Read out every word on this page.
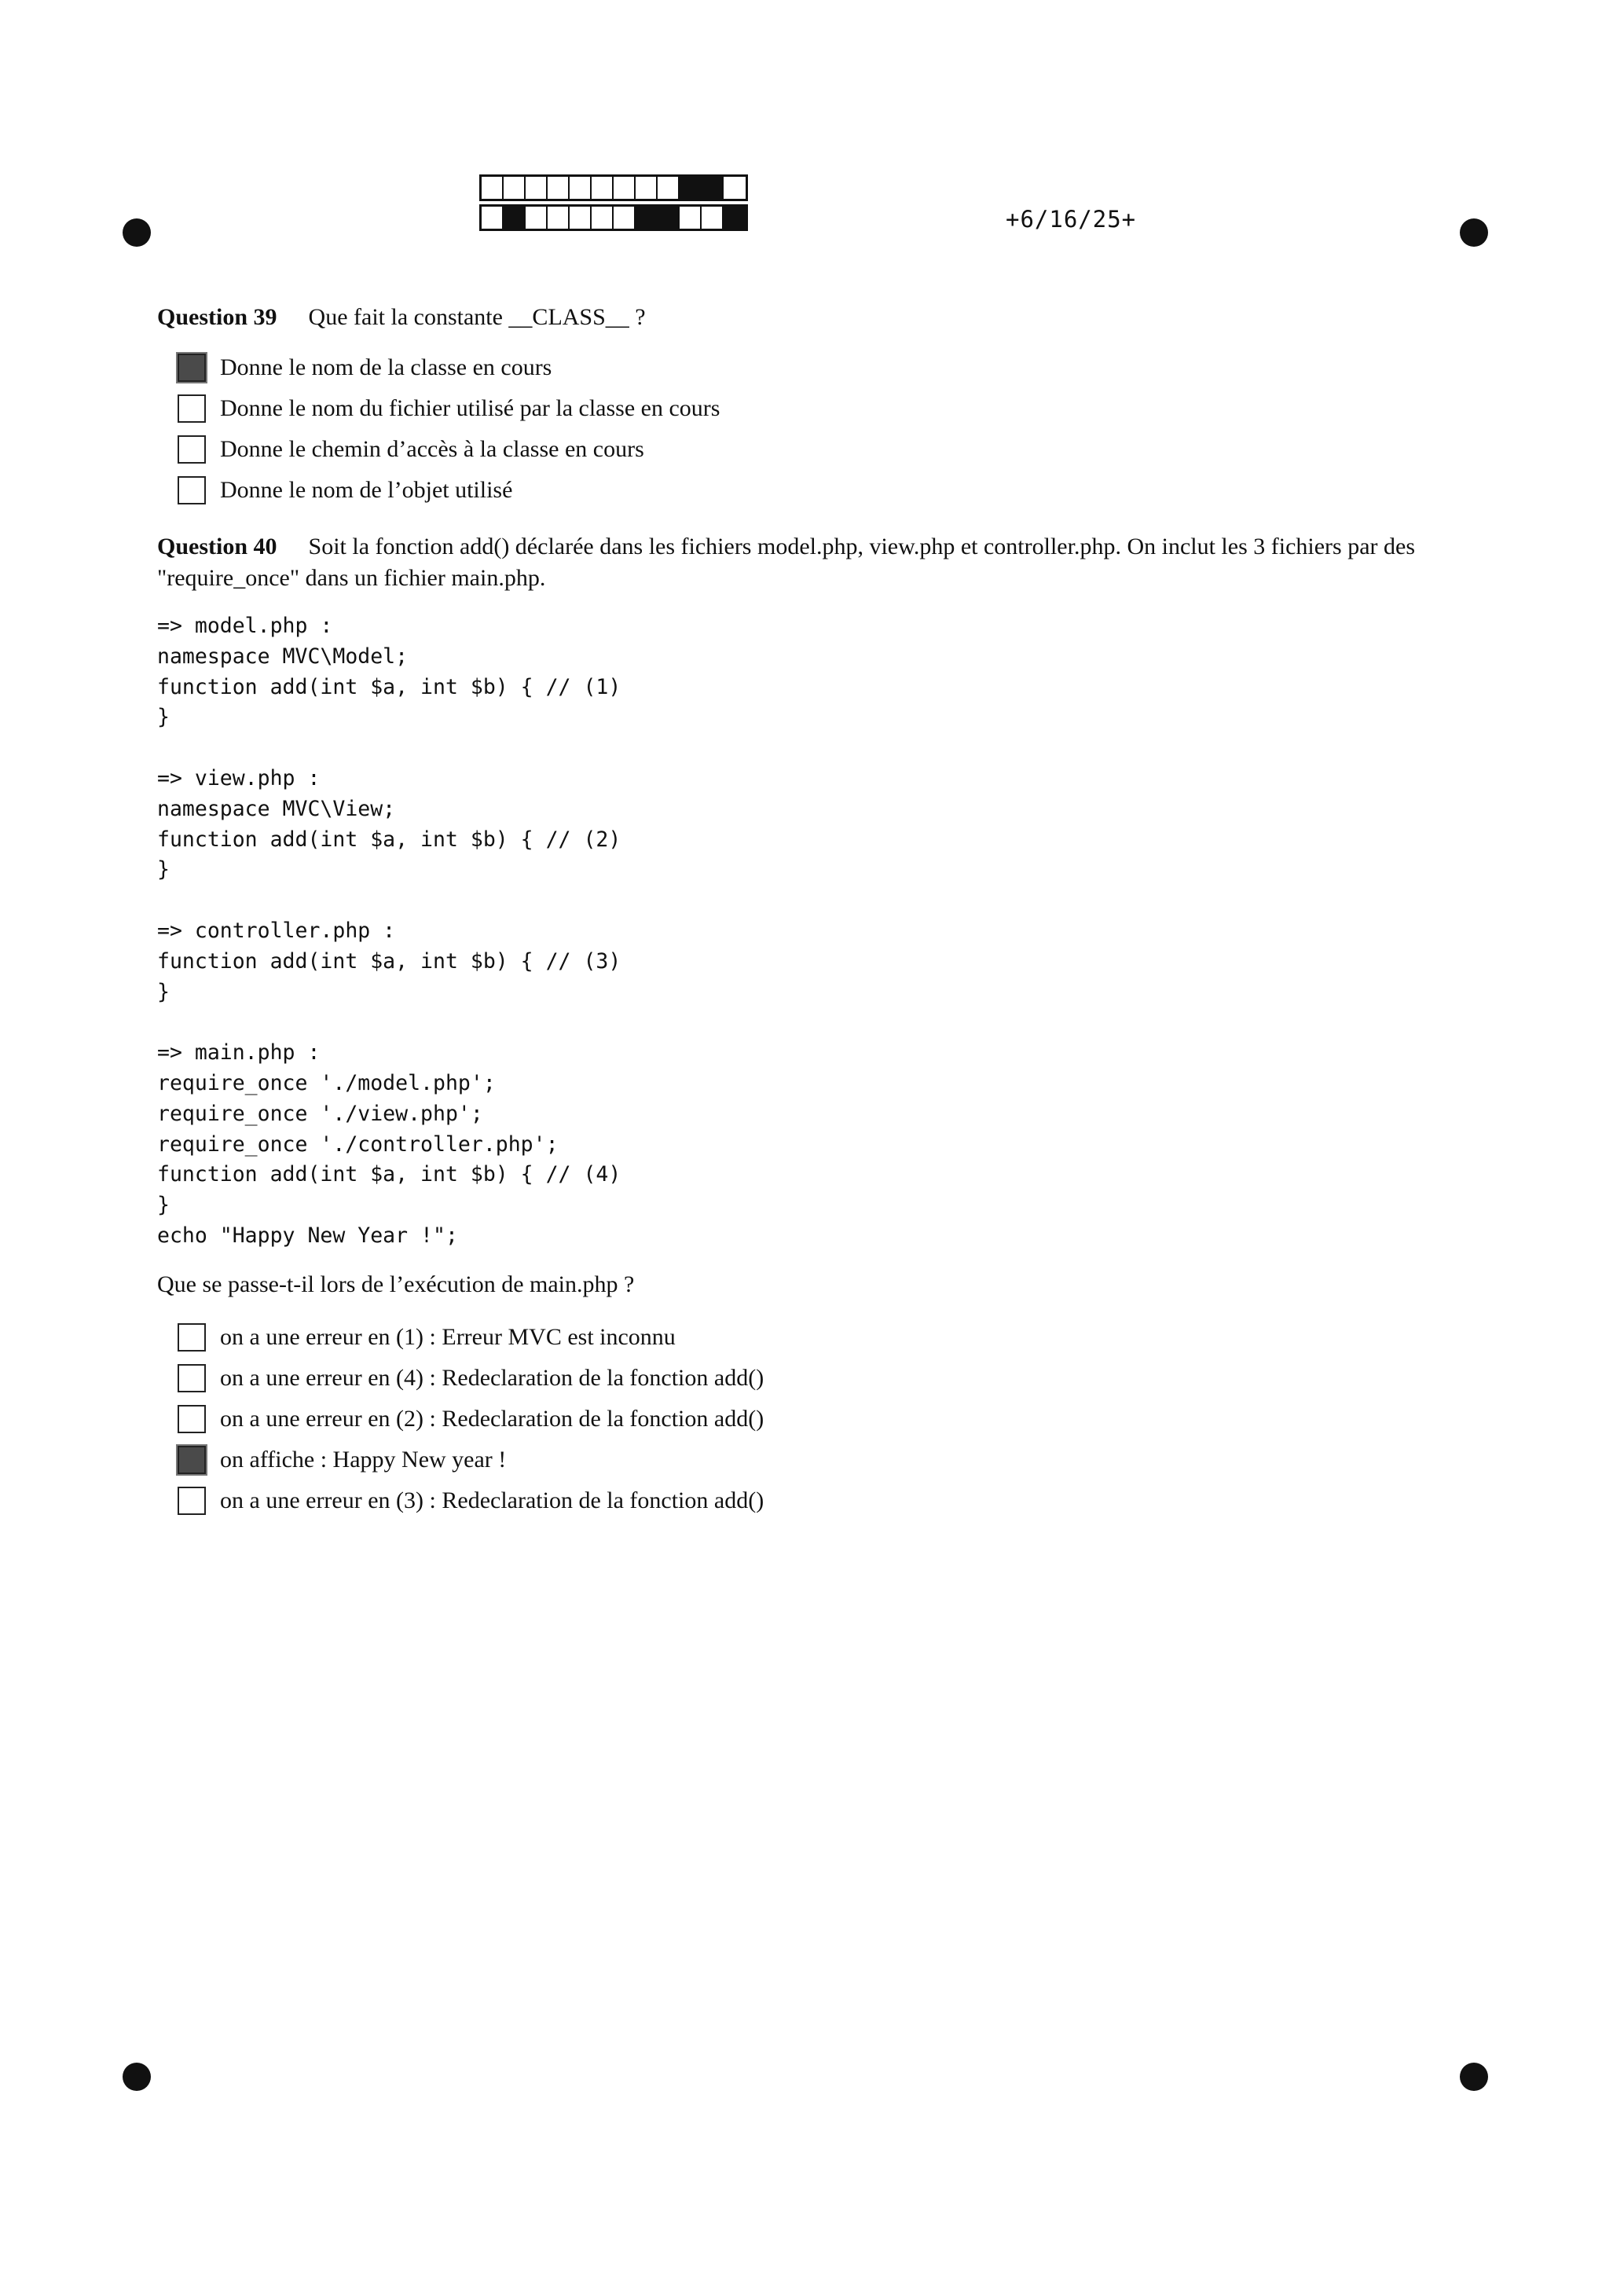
+6/16/25+
Question 39 Que fait la constante __CLASS__ ?
Donne le nom de la classe en cours
Donne le nom du fichier utilisé par la classe en cours
Donne le chemin d’accès à la classe en cours
Donne le nom de l’objet utilisé
Question 40 Soit la fonction add() déclarée dans les fichiers model.php, view.php et controller.php. On inclut les 3 fichiers par des "require_once" dans un fichier main.php.
=> model.php :
namespace MVC\Model;
function add(int $a, int $b) { // (1)
}
=> view.php :
namespace MVC\View;
function add(int $a, int $b) { // (2)
}
=> controller.php :
function add(int $a, int $b) { // (3)
}
=> main.php :
require_once './model.php';
require_once './view.php';
require_once './controller.php';
function add(int $a, int $b) { // (4)
}
echo "Happy New Year !";
Que se passe-t-il lors de l’exécution de main.php ?
on a une erreur en (1) : Erreur MVC est inconnu
on a une erreur en (4) : Redeclaration de la fonction add()
on a une erreur en (2) : Redeclaration de la fonction add()
on affiche : Happy New year !
on a une erreur en (3) : Redeclaration de la fonction add()
